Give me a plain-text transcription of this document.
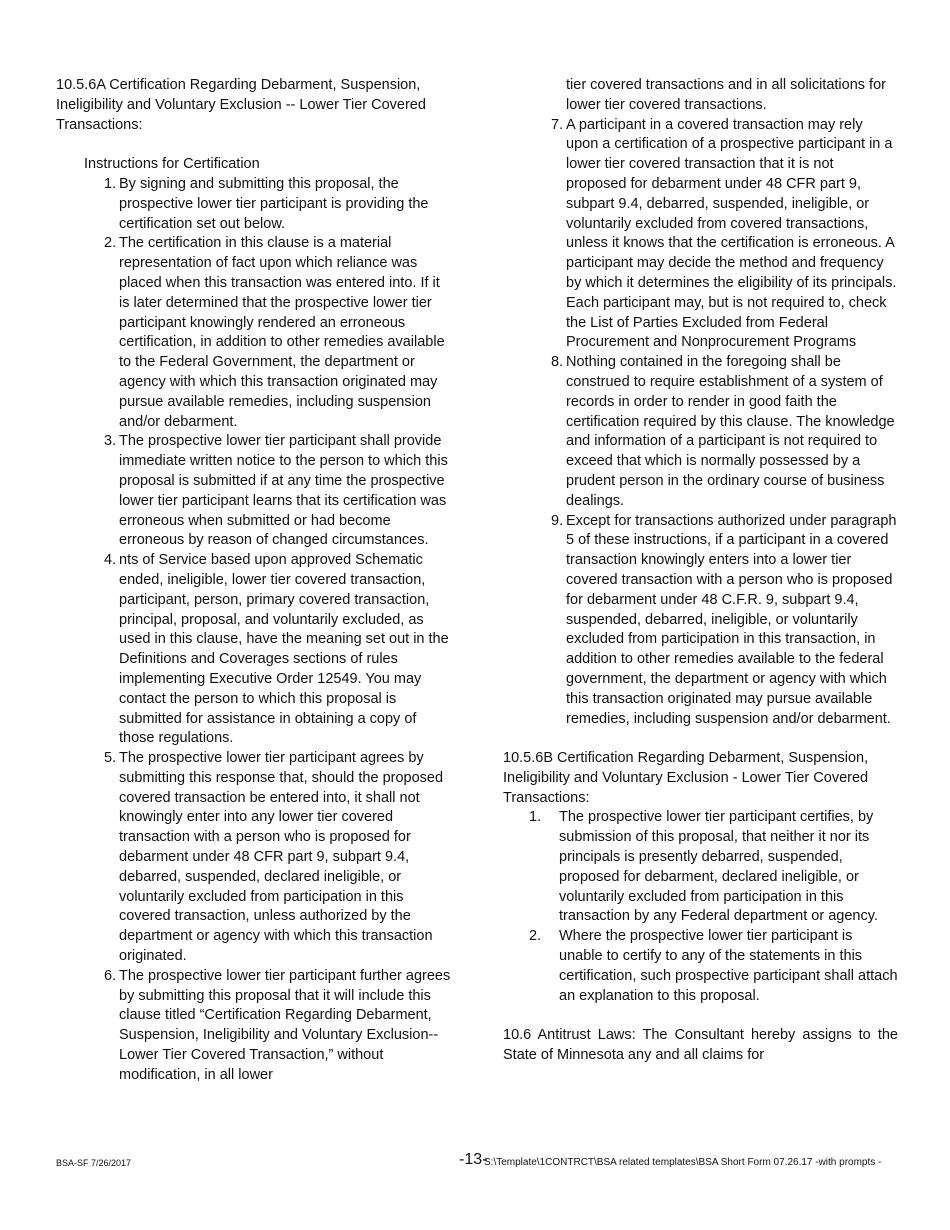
10.5.6A Certification Regarding Debarment, Suspension, Ineligibility and Voluntary Exclusion -- Lower Tier Covered Transactions:

Instructions for Certification

1. By signing and submitting this proposal, the prospective lower tier participant is providing the certification set out below.
2. The certification in this clause is a material representation of fact upon which reliance was placed when this transaction was entered into. If it is later determined that the prospective lower tier participant knowingly rendered an erroneous certification, in addition to other remedies available to the Federal Government, the department or agency with which this transaction originated may pursue available remedies, including suspension and/or debarment.
3. The prospective lower tier participant shall provide immediate written notice to the person to which this proposal is submitted if at any time the prospective lower tier participant learns that its certification was erroneous when submitted or had become erroneous by reason of changed circumstances.
4. nts of Service based upon approved Schematic ended, ineligible, lower tier covered transaction, participant, person, primary covered transaction, principal, proposal, and voluntarily excluded, as used in this clause, have the meaning set out in the Definitions and Coverages sections of rules implementing Executive Order 12549. You may contact the person to which this proposal is submitted for assistance in obtaining a copy of those regulations.
5. The prospective lower tier participant agrees by submitting this response that, should the proposed covered transaction be entered into, it shall not knowingly enter into any lower tier covered transaction with a person who is proposed for debarment under 48 CFR part 9, subpart 9.4, debarred, suspended, declared ineligible, or voluntarily excluded from participation in this covered transaction, unless authorized by the department or agency with which this transaction originated.
6. The prospective lower tier participant further agrees by submitting this proposal that it will include this clause titled “Certification Regarding Debarment, Suspension, Ineligibility and Voluntary Exclusion--Lower Tier Covered Transaction,” without modification, in all lower

tier covered transactions and in all solicitations for lower tier covered transactions.

7. A participant in a covered transaction may rely upon a certification of a prospective participant in a lower tier covered transaction that it is not proposed for debarment under 48 CFR part 9, subpart 9.4, debarred, suspended, ineligible, or voluntarily excluded from covered transactions, unless it knows that the certification is erroneous. A participant may decide the method and frequency by which it determines the eligibility of its principals. Each participant may, but is not required to, check the List of Parties Excluded from Federal Procurement and Nonprocurement Programs
8. Nothing contained in the foregoing shall be construed to require establishment of a system of records in order to render in good faith the certification required by this clause. The knowledge and information of a participant is not required to exceed that which is normally possessed by a prudent person in the ordinary course of business dealings.
9. Except for transactions authorized under paragraph 5 of these instructions, if a participant in a covered transaction knowingly enters into a lower tier covered transaction with a person who is proposed for debarment under 48 C.F.R. 9, subpart 9.4, suspended, debarred, ineligible, or voluntarily excluded from participation in this transaction, in addition to other remedies available to the federal government, the department or agency with which this transaction originated may pursue available remedies, including suspension and/or debarment.

10.5.6B Certification Regarding Debarment, Suspension, Ineligibility and Voluntary Exclusion - Lower Tier Covered Transactions:

1. The prospective lower tier participant certifies, by submission of this proposal, that neither it nor its principals is presently debarred, suspended, proposed for debarment, declared ineligible, or voluntarily excluded from participation in this transaction by any Federal department or agency.
2. Where the prospective lower tier participant is unable to certify to any of the statements in this certification, such prospective participant shall attach an explanation to this proposal.

10.6 Antitrust Laws: The Consultant hereby assigns to the State of Minnesota any and all claims for

BSA-SF 7/26/2017	-13-
S:\Template\1CONTRCT\BSA related templates\BSA Short Form 07.26.17 -with prompts -
